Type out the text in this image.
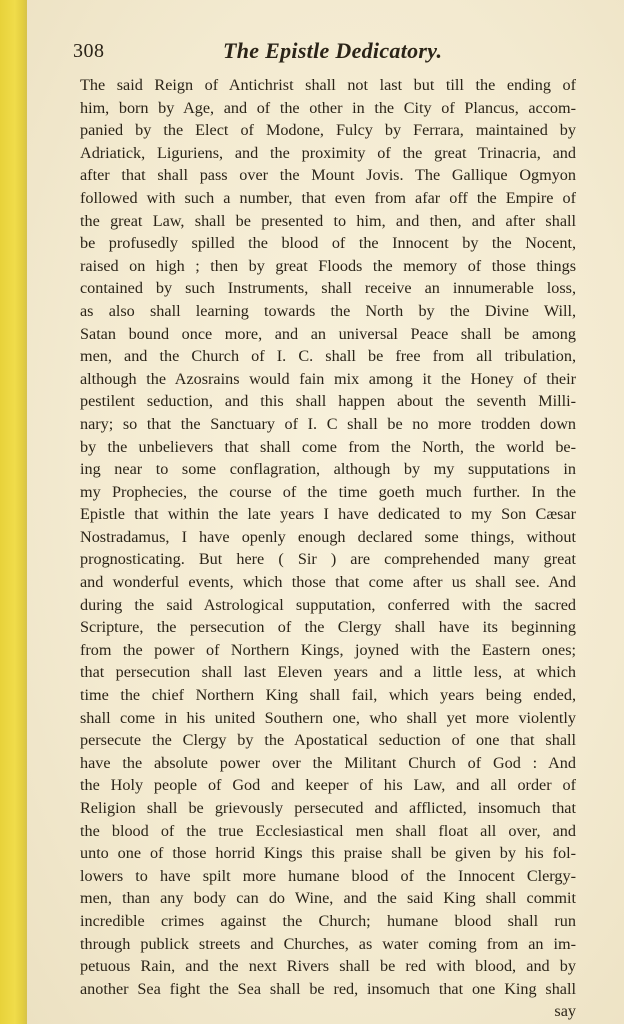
308	The Epistle Dedicatory.
The said Reign of Antichrist shall not last but till the ending of
him, born by Age, and of the other in the City of Plancus, accom-
panied by the Elect of Modone, Fulcy by Ferrara, maintained by
Adriatick, Liguriens, and the proximity of the great Trinacria, and
after that shall pass over the Mount Jovis. The Gallique Ogmyon
followed with such a number, that even from afar off the Empire of
the great Law, shall be presented to him, and then, and after shall
be profusedly spilled the blood of the Innocent by the Nocent,
raised on high ; then by great Floods the memory of those things
contained by such Instruments, shall receive an innumerable loss,
as also shall learning towards the North by the Divine Will,
Satan bound once more, and an universal Peace shall be among
men, and the Church of I. C. shall be free from all tribulation,
although the Azosrains would fain mix among it the Honey of their
pestilent seduction, and this shall happen about the seventh Milli-
nary; so that the Sanctuary of I. C shall be no more trodden down
by the unbelievers that shall come from the North, the world be-
ing near to some conflagration, although by my supputations in
my Prophecies, the course of the time goeth much further. In the
Epistle that within the late years I have dedicated to my Son Cæsar
Nostradamus, I have openly enough declared some things, without
prognosticating. But here ( Sir ) are comprehended many great
and wonderful events, which those that come after us shall see. And
during the said Astrological supputation, conferred with the sacred
Scripture, the persecution of the Clergy shall have its beginning
from the power of Northern Kings, joyned with the Eastern ones;
that persecution shall last Eleven years and a little less, at which
time the chief Northern King shall fail, which years being ended,
shall come in his united Southern one, who shall yet more violently
persecute the Clergy by the Apostatical seduction of one that shall
have the absolute power over the Militant Church of God : And
the Holy people of God and keeper of his Law, and all order of
Religion shall be grievously persecuted and afflicted, insomuch that
the blood of the true Ecclesiastical men shall float all over, and
unto one of those horrid Kings this praise shall be given by his fol-
lowers to have spilt more humane blood of the Innocent Clergy-
men, than any body can do Wine, and the said King shall commit
incredible crimes against the Church; humane blood shall run
through publick streets and Churches, as water coming from an im-
petuous Rain, and the next Rivers shall be red with blood, and by
another Sea fight the Sea shall be red, insomuch that one King shall
say
